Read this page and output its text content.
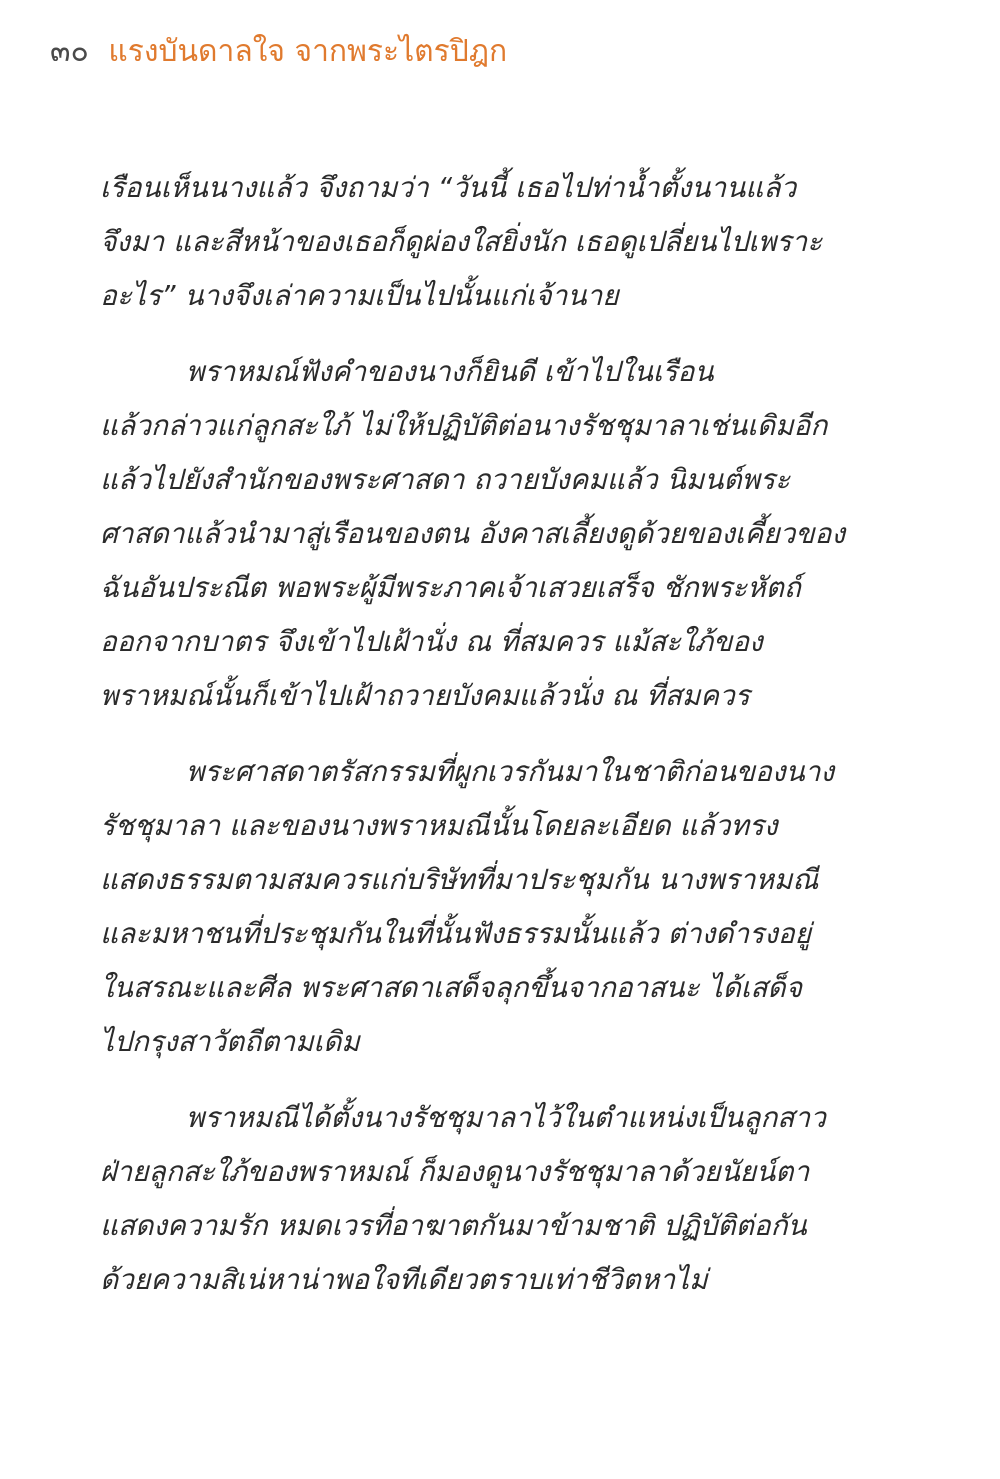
๓๐ แรงบันดาลใจ จากพระไตรปิฎก
เรือนเห็นนางแล้ว จึงถามว่า “วันนี้ เธอไปท่าน้ำตั้งนานแล้ว
จึงมา และสีหน้าของเธอก็ดูผ่องใสยิ่งนัก เธอดูเปลี่ยนไปเพราะ
อะไร” นางจึงเล่าความเป็นไปนั้นแก่เจ้านาย
พราหมณ์ฟังคำของนางก็ยินดี เข้าไปในเรือน
แล้วกล่าวแก่ลูกสะใภ้ ไม่ให้ปฏิบัติต่อนางรัชชุมาลาเช่นเดิมอีก
แล้วไปยังสำนักของพระศาสดา ถวายบังคมแล้ว นิมนต์พระ
ศาสดาแล้วนำมาสู่เรือนของตน อังคาสเลี้ยงดูด้วยของเคี้ยวของ
ฉันอันประณีต พอพระผู้มีพระภาคเจ้าเสวยเสร็จ ชักพระหัตถ์
ออกจากบาตร จึงเข้าไปเฝ้านั่ง ณ ที่สมควร แม้สะใภ้ของ
พราหมณ์นั้นก็เข้าไปเฝ้าถวายบังคมแล้วนั่ง ณ ที่สมควร
พระศาสดาตรัสกรรมที่ผูกเวรกันมาในชาติก่อนของนาง
รัชชุมาลา และของนางพราหมณีนั้นโดยละเอียด แล้วทรง
แสดงธรรมตามสมควรแก่บริษัทที่มาประชุมกัน นางพราหมณี
และมหาชนที่ประชุมกันในที่นั้นฟังธรรมนั้นแล้ว ต่างดำรงอยู่
ในสรณะและศีล พระศาสดาเสด็จลุกขึ้นจากอาสนะ ได้เสด็จ
ไปกรุงสาวัตถีตามเดิม
พราหมณีได้ตั้งนางรัชชุมาลาไว้ในตำแหน่งเป็นลูกสาว
ฝ่ายลูกสะใภ้ของพราหมณ์ ก็มองดูนางรัชชุมาลาด้วยนัยน์ตา
แสดงความรัก หมดเวรที่อาฆาตกันมาข้ามชาติ ปฏิบัติต่อกัน
ด้วยความสิเน่หาน่าพอใจทีเดียวตราบเท่าชีวิตหาไม่
